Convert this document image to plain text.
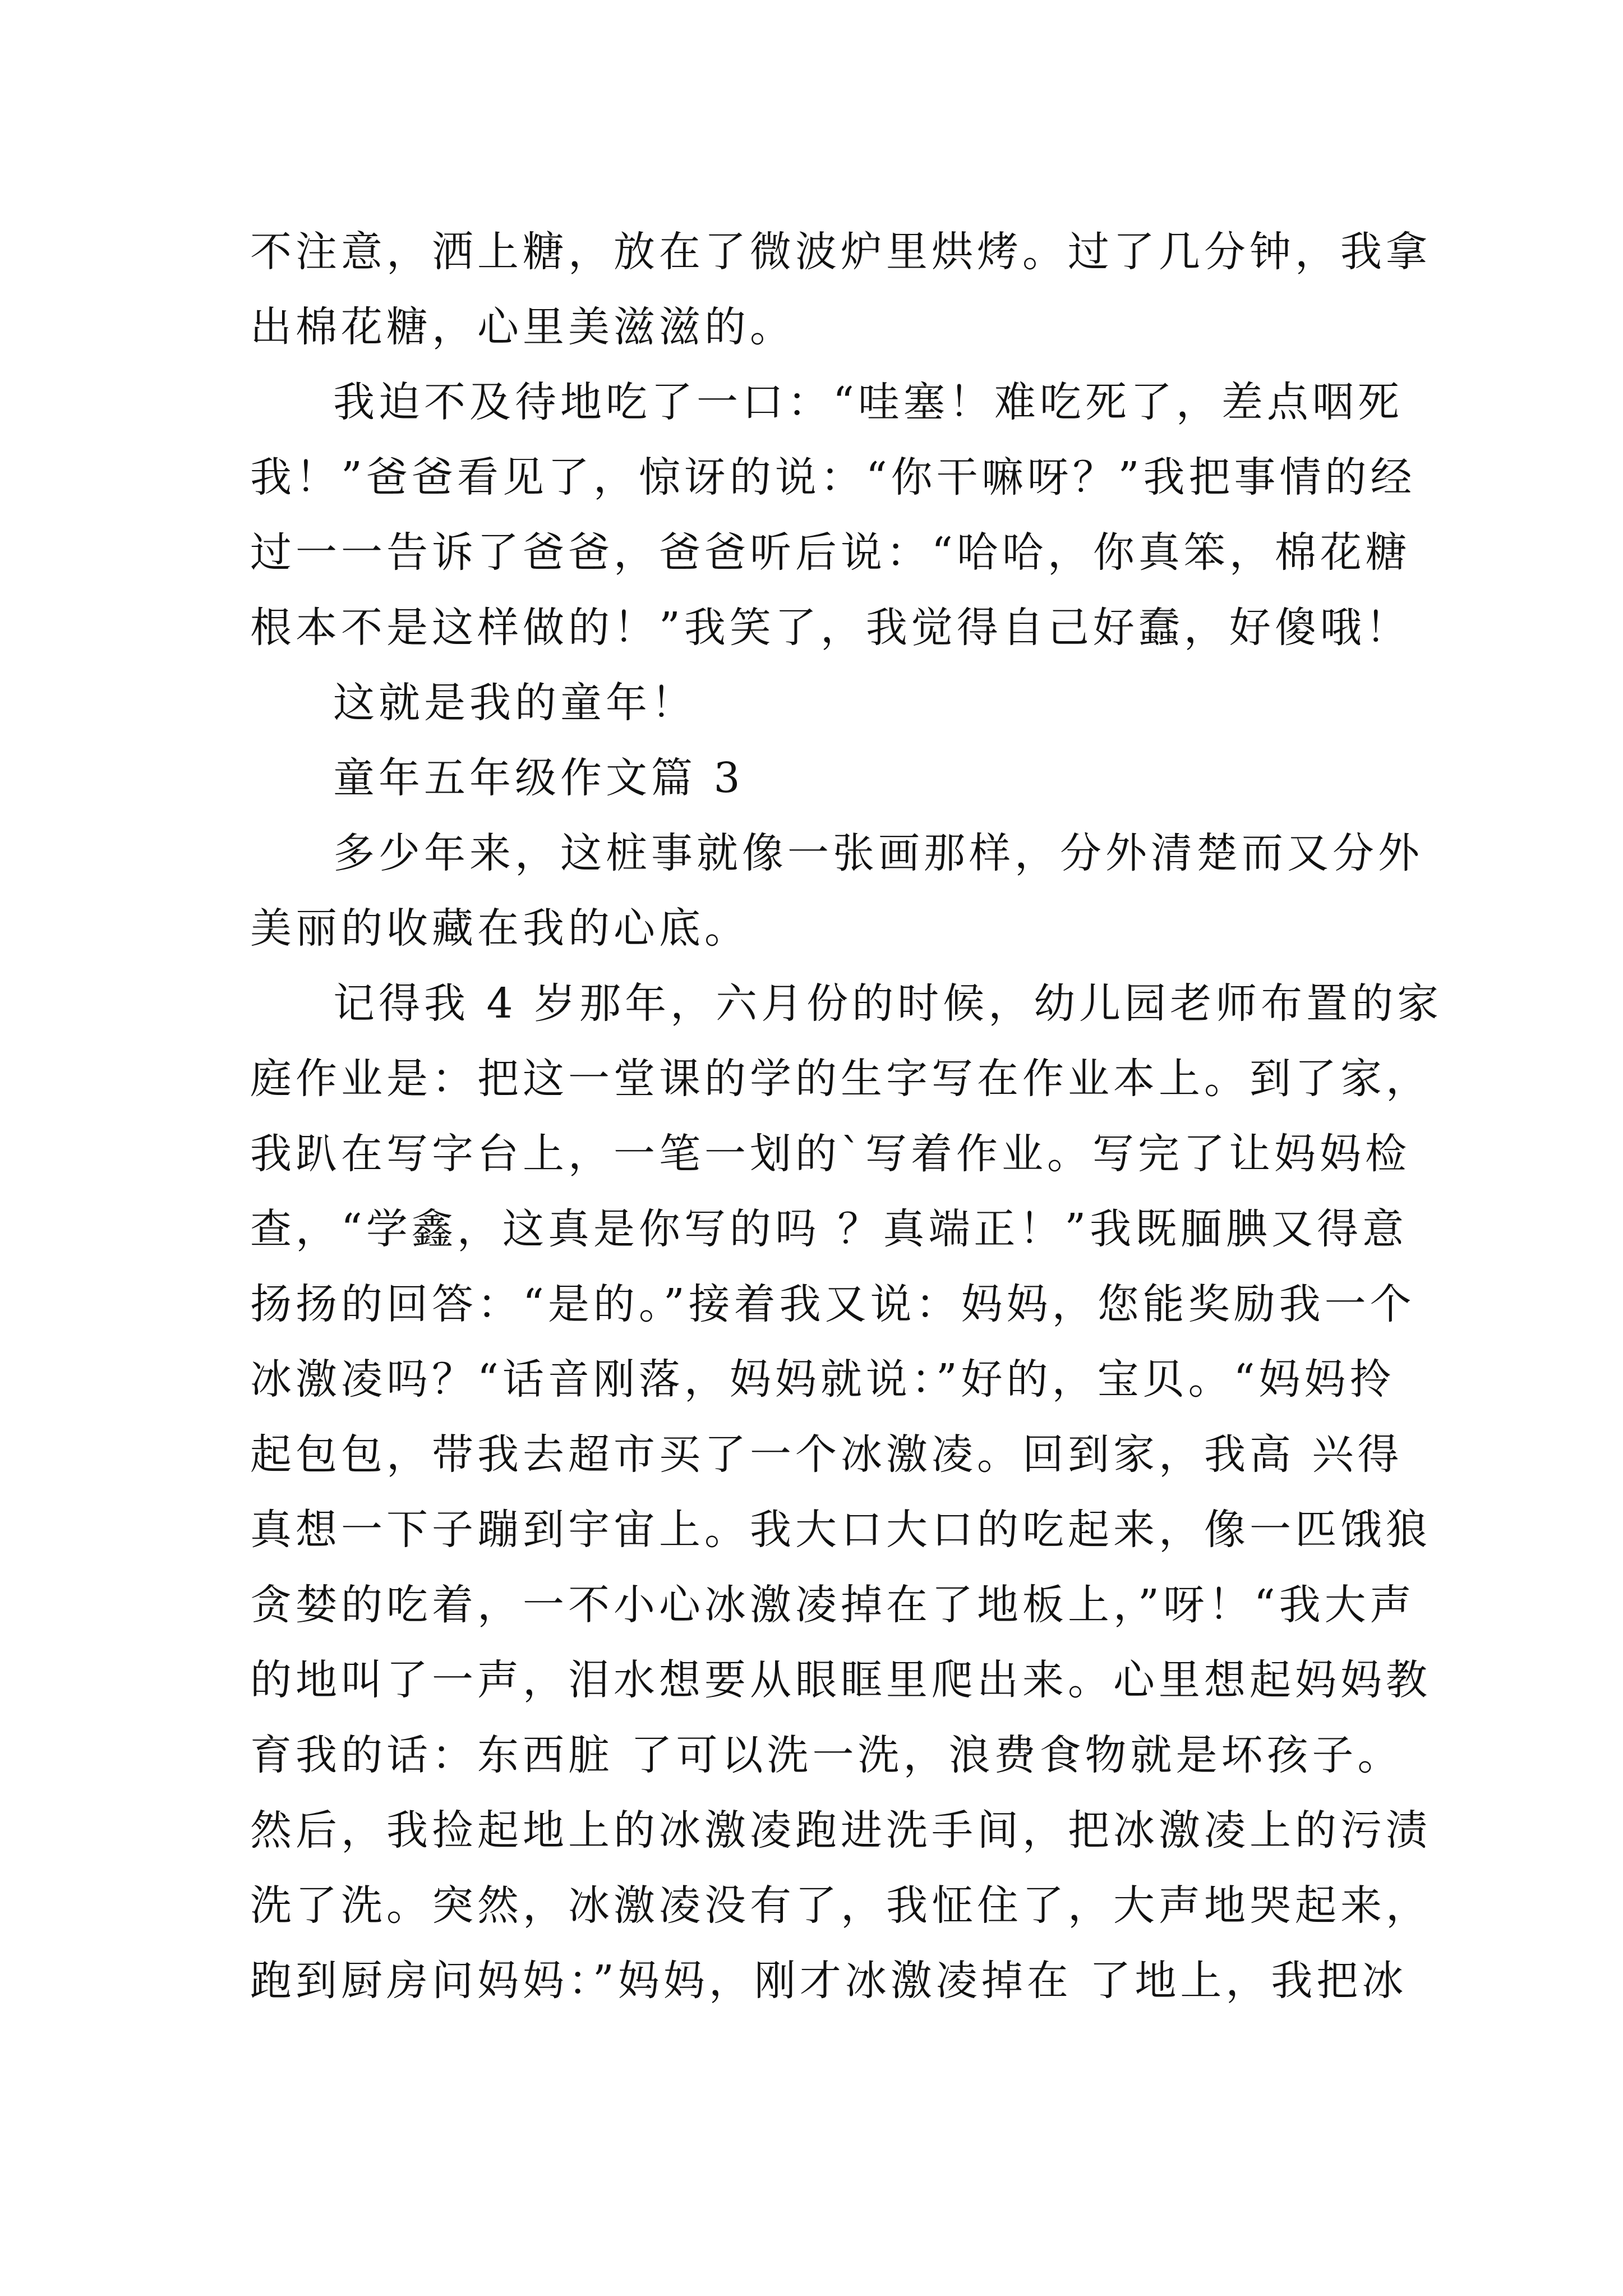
不注意，洒上糖，放在了微波炉里烘烤。过了几分钟，我拿
出棉花糖，心里美滋滋的。
我迫不及待地吃了一口：“哇塞！难吃死了，差点咽死
我！”爸爸看见了，惊讶的说：“你干嘛呀？”我把事情的经
过一一告诉了爸爸，爸爸听后说：“哈哈，你真笨，棉花糖
根本不是这样做的！”我笑了，我觉得自己好蠢，好傻哦！
这就是我的童年！
童年五年级作文篇 3
多少年来，这桩事就像一张画那样，分外清楚而又分外
美丽的收藏在我的心底。
记得我 4 岁那年，六月份的时候，幼儿园老师布置的家
庭作业是：把这一堂课的学的生字写在作业本上。到了家，
我趴在写字台上，一笔一划的`写着作业。写完了让妈妈检
查，“学鑫，这真是你写的吗 ？真端正！”我既腼腆又得意
扬扬的回答：“是的。”接着我又说：妈妈，您能奖励我一个
冰激凌吗？“话音刚落，妈妈就说：”好的，宝贝。“妈妈拎
起包包，带我去超市买了一个冰激凌。回到家，我高 兴得
真想一下子蹦到宇宙上。我大口大口的吃起来，像一匹饿狼
贪婪的吃着，一不小心冰激凌掉在了地板上，”呀！“我大声
的地叫了一声，泪水想要从眼眶里爬出来。心里想起妈妈教
育我的话：东西脏 了可以洗一洗，浪费食物就是坏孩子。
然后，我捡起地上的冰激凌跑进洗手间，把冰激凌上的污渍
洗了洗。突然，冰激凌没有了，我怔住了，大声地哭起来，
跑到厨房问妈妈：”妈妈，刚才冰激凌掉在 了地上，我把冰
